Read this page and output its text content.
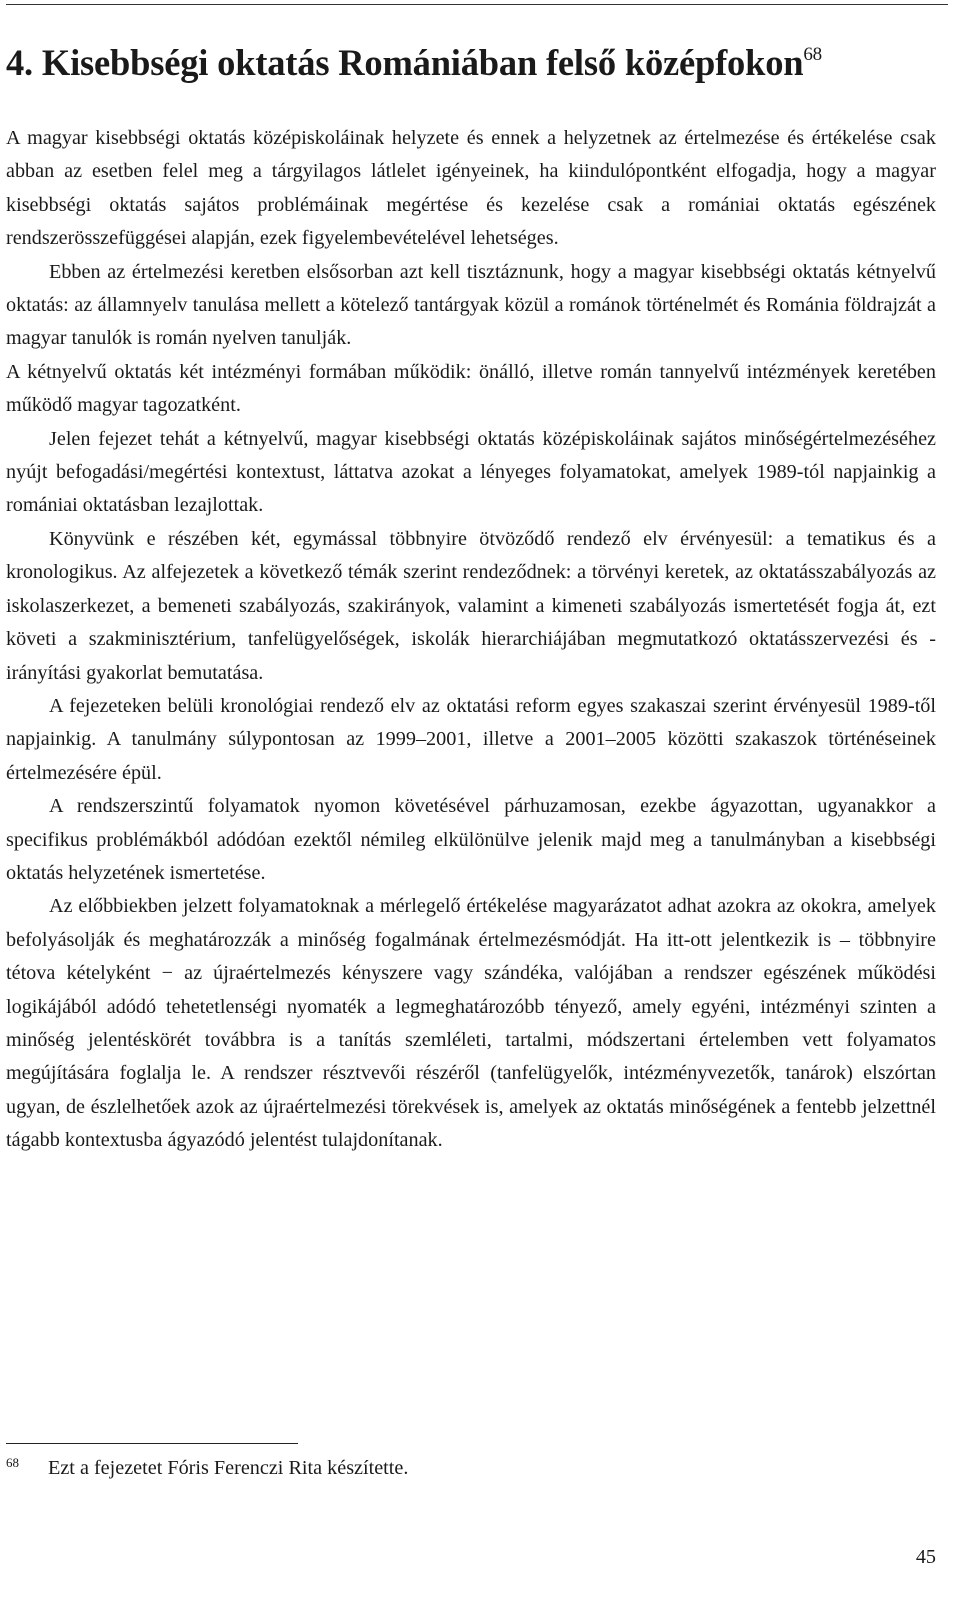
4. Kisebbségi oktatás Romániában felső középfokon$^{68}$

A magyar kisebbségi oktatás középiskoláinak helyzete és ennek a helyzetnek az értelmezése és értékelése csak abban az esetben felel meg a tárgyilagos látlelet igényeinek, ha kiindulópontként elfogadja, hogy a magyar kisebbségi oktatás sajátos problémáinak megértése és kezelése csak a romániai oktatás egészének rendszerösszefüggései alapján, ezek figyelembevételével lehetséges.

Ebben az értelmezési keretben elsősorban azt kell tisztáznunk, hogy a magyar kisebbségi oktatás kétnyelvű oktatás: az államnyelv tanulása mellett a kötelező tantárgyak közül a románok történelmét és Románia földrajzát a magyar tanulók is román nyelven tanulják.

A kétnyelvű oktatás két intézményi formában működik: önálló, illetve román tannyelvű intézmények keretében működő magyar tagozatként.

Jelen fejezet tehát a kétnyelvű, magyar kisebbségi oktatás középiskoláinak sajátos minőségértelmezéséhez nyújt befogadási/megértési kontextust, láttatva azokat a lényeges folyamatokat, amelyek 1989-tól napjainkig a romániai oktatásban lezajlottak.

Könyvünk e részében két, egymással többnyire ötvöződő rendező elv érvényesül: a tematikus és a kronologikus. Az alfejezetek a következő témák szerint rendeződnek: a törvényi keretek, az oktatásszabályozás az iskolaszerkezet, a bemeneti szabályozás, szakirányok, valamint a kimeneti szabályozás ismertetését fogja át, ezt követi a szakminisztérium, tanfelügyelőségek, iskolák hierarchiájában megmutatkozó oktatásszervezési és -irányítási gyakorlat bemutatása.

A fejezeteken belüli kronológiai rendező elv az oktatási reform egyes szakaszai szerint érvényesül 1989-től napjainkig. A tanulmány súlypontosan az 1999–2001, illetve a 2001–2005 közötti szakaszok történéseinek értelmezésére épül.

A rendszerszintű folyamatok nyomon követésével párhuzamosan, ezekbe ágyazottan, ugyanakkor a specifikus problémákból adódóan ezektől némileg elkülönülve jelenik majd meg a tanulmányban a kisebbségi oktatás helyzetének ismertetése.

Az előbbiekben jelzett folyamatoknak a mérlegelő értékelése magyarázatot adhat azokra az okokra, amelyek befolyásolják és meghatározzák a minőség fogalmának értelmezésmódját. Ha itt-ott jelentkezik is – többnyire tétova kételyként − az újraértelmezés kényszere vagy szándéka, valójában a rendszer egészének működési logikájából adódó tehetetlenségi nyomaték a legmeghatározóbb tényező, amely egyéni, intézményi szinten a minőség jelentéskörét továbbra is a tanítás szemléleti, tartalmi, módszertani értelemben vett folyamatos megújítására foglalja le. A rendszer résztvevői részéről (tanfelügyelők, intézményvezetők, tanárok) elszórtan ugyan, de észlelhetőek azok az újraértelmezési törekvések is, amelyek az oktatás minőségének a fentebb jelzettnél tágabb kontextusba ágyazódó jelentést tulajdonítanak.

68 Ezt a fejezetet Fóris Ferenczi Rita készítette.
45
